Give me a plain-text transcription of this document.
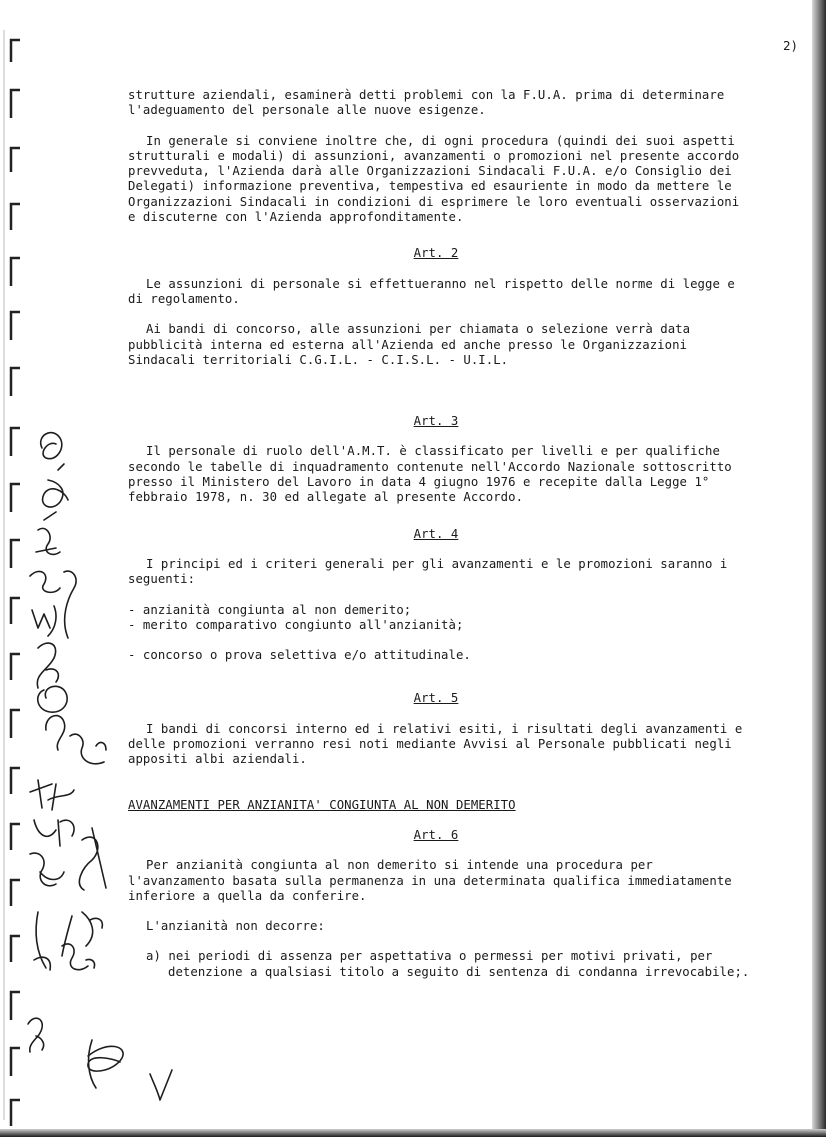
2)

strutture aziendali, esaminerà detti problemi con la F.U.A. prima di determinare l'adeguamento del personale alle nuove esigenze.

In generale si conviene inoltre che, di ogni procedura (quindi dei suoi aspetti strutturali e modali) di assunzioni, avanzamenti o promozioni nel presente accordo prevveduta, l'Azienda darà alle Organizzazioni Sindacali F.U.A. e/o Consiglio dei Delegati) informazione preventiva, tempestiva ed esauriente in modo da mettere le Organizzazioni Sindacali in condizioni di esprimere le loro eventuali osservazioni e discuterne con l'Azienda approfonditamente.

Art. 2

Le assunzioni di personale si effettueranno nel rispetto delle norme di legge e di regolamento.

Ai bandi di concorso, alle assunzioni per chiamata o selezione verrà data pubblicità interna ed esterna all'Azienda ed anche presso le Organizzazioni Sindacali territoriali C.G.I.L. - C.I.S.L. - U.I.L.

Art. 3

Il personale di ruolo dell'A.M.T. è classificato per livelli e per qualifiche secondo le tabelle di inquadramento contenute nell'Accordo Nazionale sottoscritto presso il Ministero del Lavoro in data 4 giugno 1976 e recepite dalla Legge 1° febbraio 1978, n. 30 ed allegate al presente Accordo.

Art. 4

I principi ed i criteri generali per gli avanzamenti e le promozioni saranno i seguenti:

- anzianità congiunta al non demerito;

- merito comparativo congiunto all'anzianità;

- concorso o prova selettiva e/o attitudinale.

Art. 5

I bandi di concorsi interno ed i relativi esiti, i risultati degli avanzamenti e delle promozioni verranno resi noti mediante Avvisi al Personale pubblicati negli appositi albi aziendali.

AVANZAMENTI PER ANZIANITA' CONGIUNTA AL NON DEMERITO

Art. 6

Per anzianità congiunta al non demerito si intende una procedura per l'avanzamento basata sulla permanenza in una determinata qualifica immediatamente inferiore a quella da conferire.

L'anzianità non decorre:

a) nei periodi di assenza per aspettativa o permessi per motivi privati, per detenzione a qualsiasi titolo a seguito di sentenza di condanna irrevocabile;.
